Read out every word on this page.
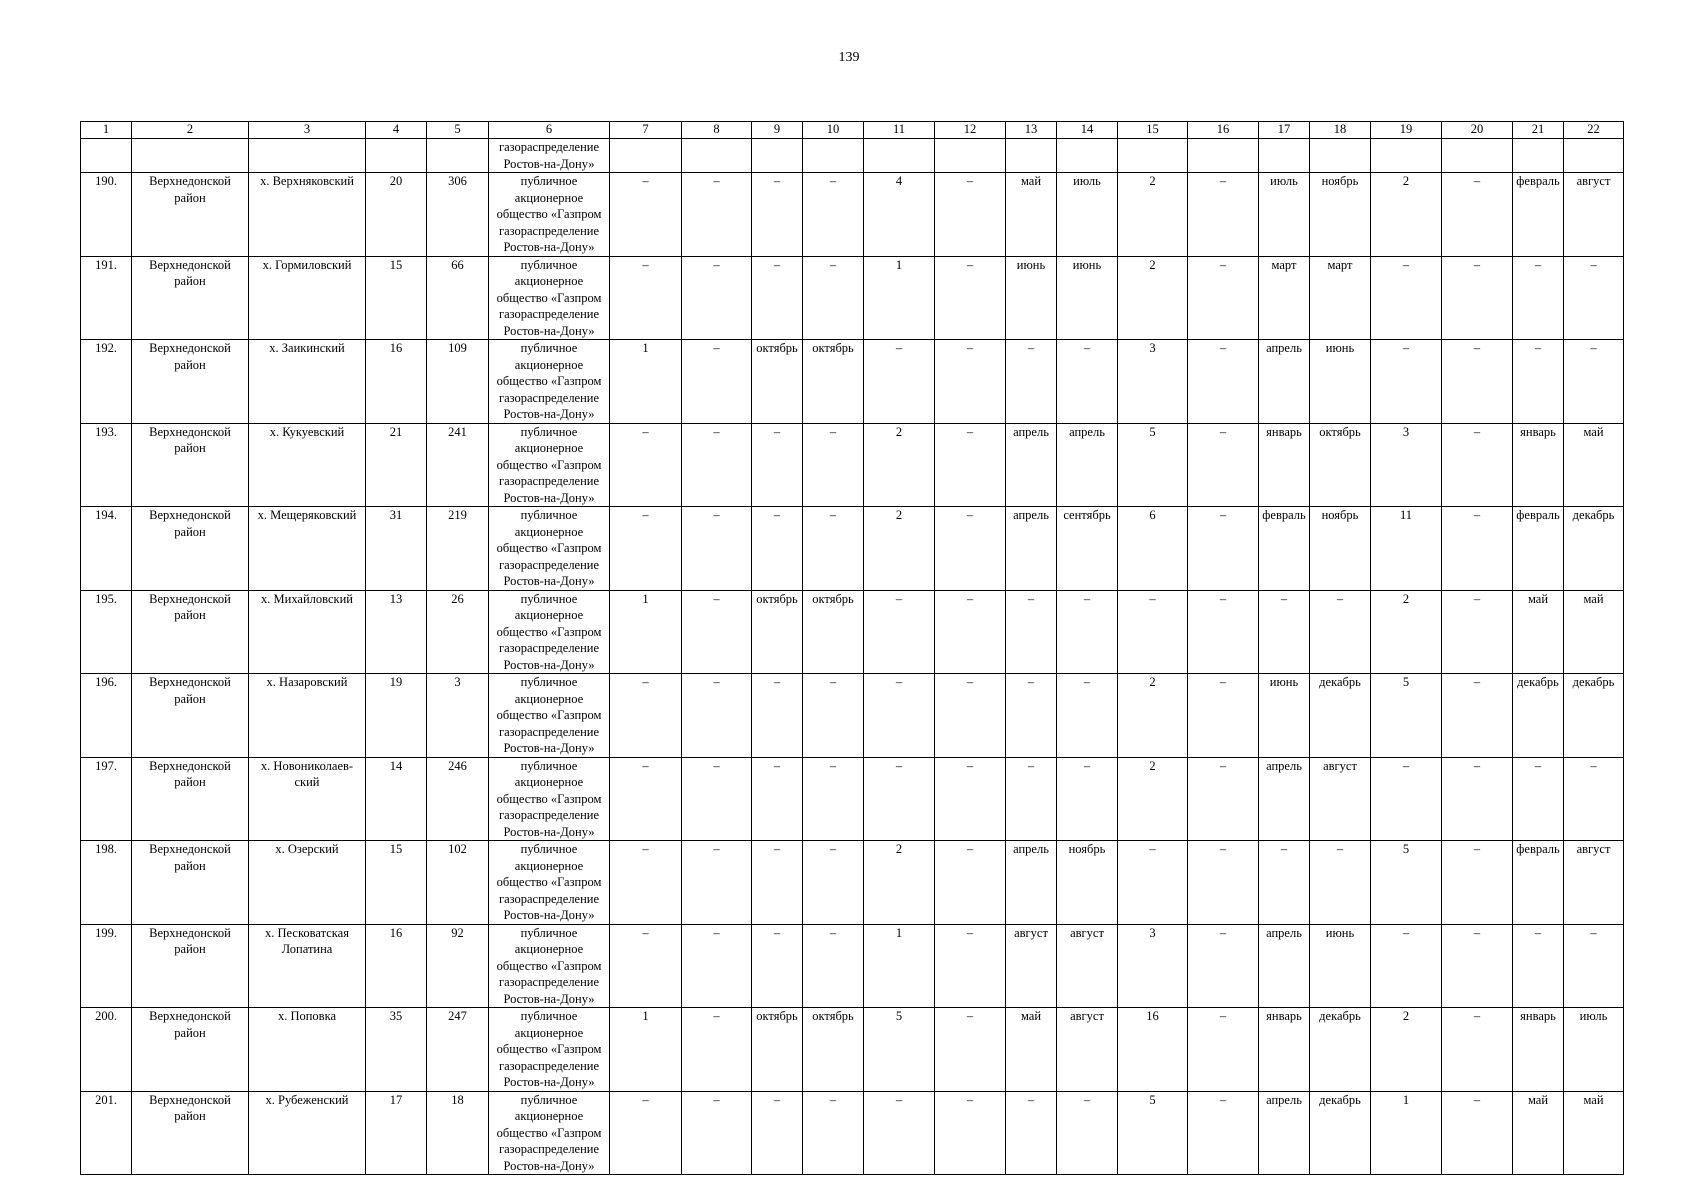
139
1	2	3	4	5	6	7	8	9	10	11	12	13	14	15	16	17	18	19	20	21	22
					газораспределение
Ростов-на-Дону»																
190.	Верхнедонской район	х. Верхняковский	20	306	публичное
акционерное
общество «Газпром
газораспределение
Ростов-на-Дону»	–	–	–	–	4	–	май	июль	2	–	июль	ноябрь	2	–	февраль	август
191.	Верхнедонской район	х. Гормиловский	15	66	публичное
акционерное
общество «Газпром
газораспределение
Ростов-на-Дону»	–	–	–	–	1	–	июнь	июнь	2	–	март	март	–	–	–	–
192.	Верхнедонской район	х. Заикинский	16	109	публичное
акционерное
общество «Газпром
газораспределение
Ростов-на-Дону»	1	–	октябрь	октябрь	–	–	–	–	3	–	апрель	июнь	–	–	–	–
193.	Верхнедонской район	х. Кукуевский	21	241	публичное
акционерное
общество «Газпром
газораспределение
Ростов-на-Дону»	–	–	–	–	2	–	апрель	апрель	5	–	январь	октябрь	3	–	январь	май
194.	Верхнедонской район	х. Мещеряковский	31	219	публичное
акционерное
общество «Газпром
газораспределение
Ростов-на-Дону»	–	–	–	–	2	–	апрель	сентябрь	6	–	февраль	ноябрь	11	–	февраль	декабрь
195.	Верхнедонской район	х. Михайловский	13	26	публичное
акционерное
общество «Газпром
газораспределение
Ростов-на-Дону»	1	–	октябрь	октябрь	–	–	–	–	–	–	–	–	2	–	май	май
196.	Верхнедонской район	х. Назаровский	19	3	публичное
акционерное
общество «Газпром
газораспределение
Ростов-на-Дону»	–	–	–	–	–	–	–	–	2	–	июнь	декабрь	5	–	декабрь	декабрь
197.	Верхнедонской район	х. Новониколаев-
ский	14	246	публичное
акционерное
общество «Газпром
газораспределение
Ростов-на-Дону»	–	–	–	–	–	–	–	–	2	–	апрель	август	–	–	–	–
198.	Верхнедонской район	х. Озерский	15	102	публичное
акционерное
общество «Газпром
газораспределение
Ростов-на-Дону»	–	–	–	–	2	–	апрель	ноябрь	–	–	–	–	5	–	февраль	август
199.	Верхнедонской район	х. Песковатская Лопатина	16	92	публичное
акционерное
общество «Газпром
газораспределение
Ростов-на-Дону»	–	–	–	–	1	–	август	август	3	–	апрель	июнь	–	–	–	–
200.	Верхнедонской район	х. Поповка	35	247	публичное
акционерное
общество «Газпром
газораспределение
Ростов-на-Дону»	1	–	октябрь	октябрь	5	–	май	август	16	–	январь	декабрь	2	–	январь	июль
201.	Верхнедонской район	х. Рубеженский	17	18	публичное
акционерное
общество «Газпром
газораспределение
Ростов-на-Дону»	–	–	–	–	–	–	–	–	5	–	апрель	декабрь	1	–	май	май
